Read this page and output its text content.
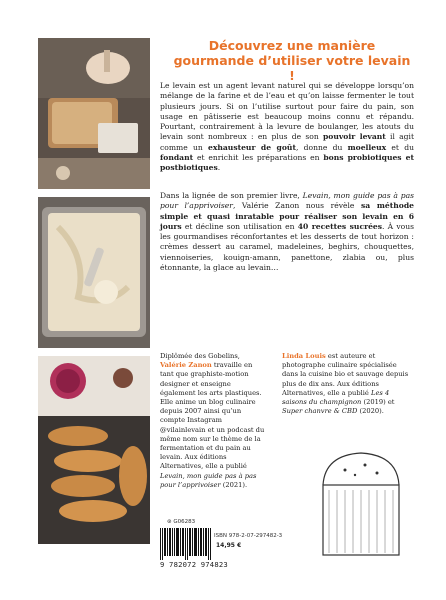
Découvrez une manière gourmande d’utiliser votre levain !
Le levain est un agent levant naturel qui se développe lorsqu’on mélange de la farine et de l’eau et qu’on laisse fermenter le tout plusieurs jours. Si on l’utilise surtout pour faire du pain, son usage en pâtisserie est beaucoup moins connu et répandu. Pourtant, contrairement à la levure de boulanger, les atouts du levain sont nombreux : en plus de son pouvoir levant il agit comme un exhausteur de goût, donne du moelleux et du fondant et enrichit les préparations en bons probiotiques et postbiotiques.
Dans la lignée de son premier livre, Levain, mon guide pas à pas pour l’apprivoiser, Valérie Zanon nous révèle sa méthode simple et quasi inratable pour réaliser son levain en 6 jours et décline son utilisation en 40 recettes sucrées. À vous les gourmandises réconfortantes et les desserts de tout horizon : crèmes dessert au caramel, madeleines, beghirs, chouquettes, viennoiseries, kouign-amann, panettone, zlabia ou, plus étonnante, la glace au levain…
Diplômée des Gobelins, Valérie Zanon travaille en tant que graphiste-motion designer et enseigne également les arts plastiques. Elle anime un blog culinaire depuis 2007 ainsi qu’un compte Instagram @vilainlevain et un podcast du même nom sur le thème de la fermentation et du pain au levain. Aux éditions Alternatives, elle a publié Levain, mon guide pas à pas pour l’apprivoiser (2021).
Linda Louis est auteure et photographe culinaire spécialisée dans la cuisine bio et sauvage depuis plus de dix ans. Aux éditions Alternatives, elle a publié Les 4 saisons du champignon (2019) et Super chanvre & CBD (2020).
⊛ G06283
ISBN 978-2-07-297482-3
14,95 €
9 782072 974823
